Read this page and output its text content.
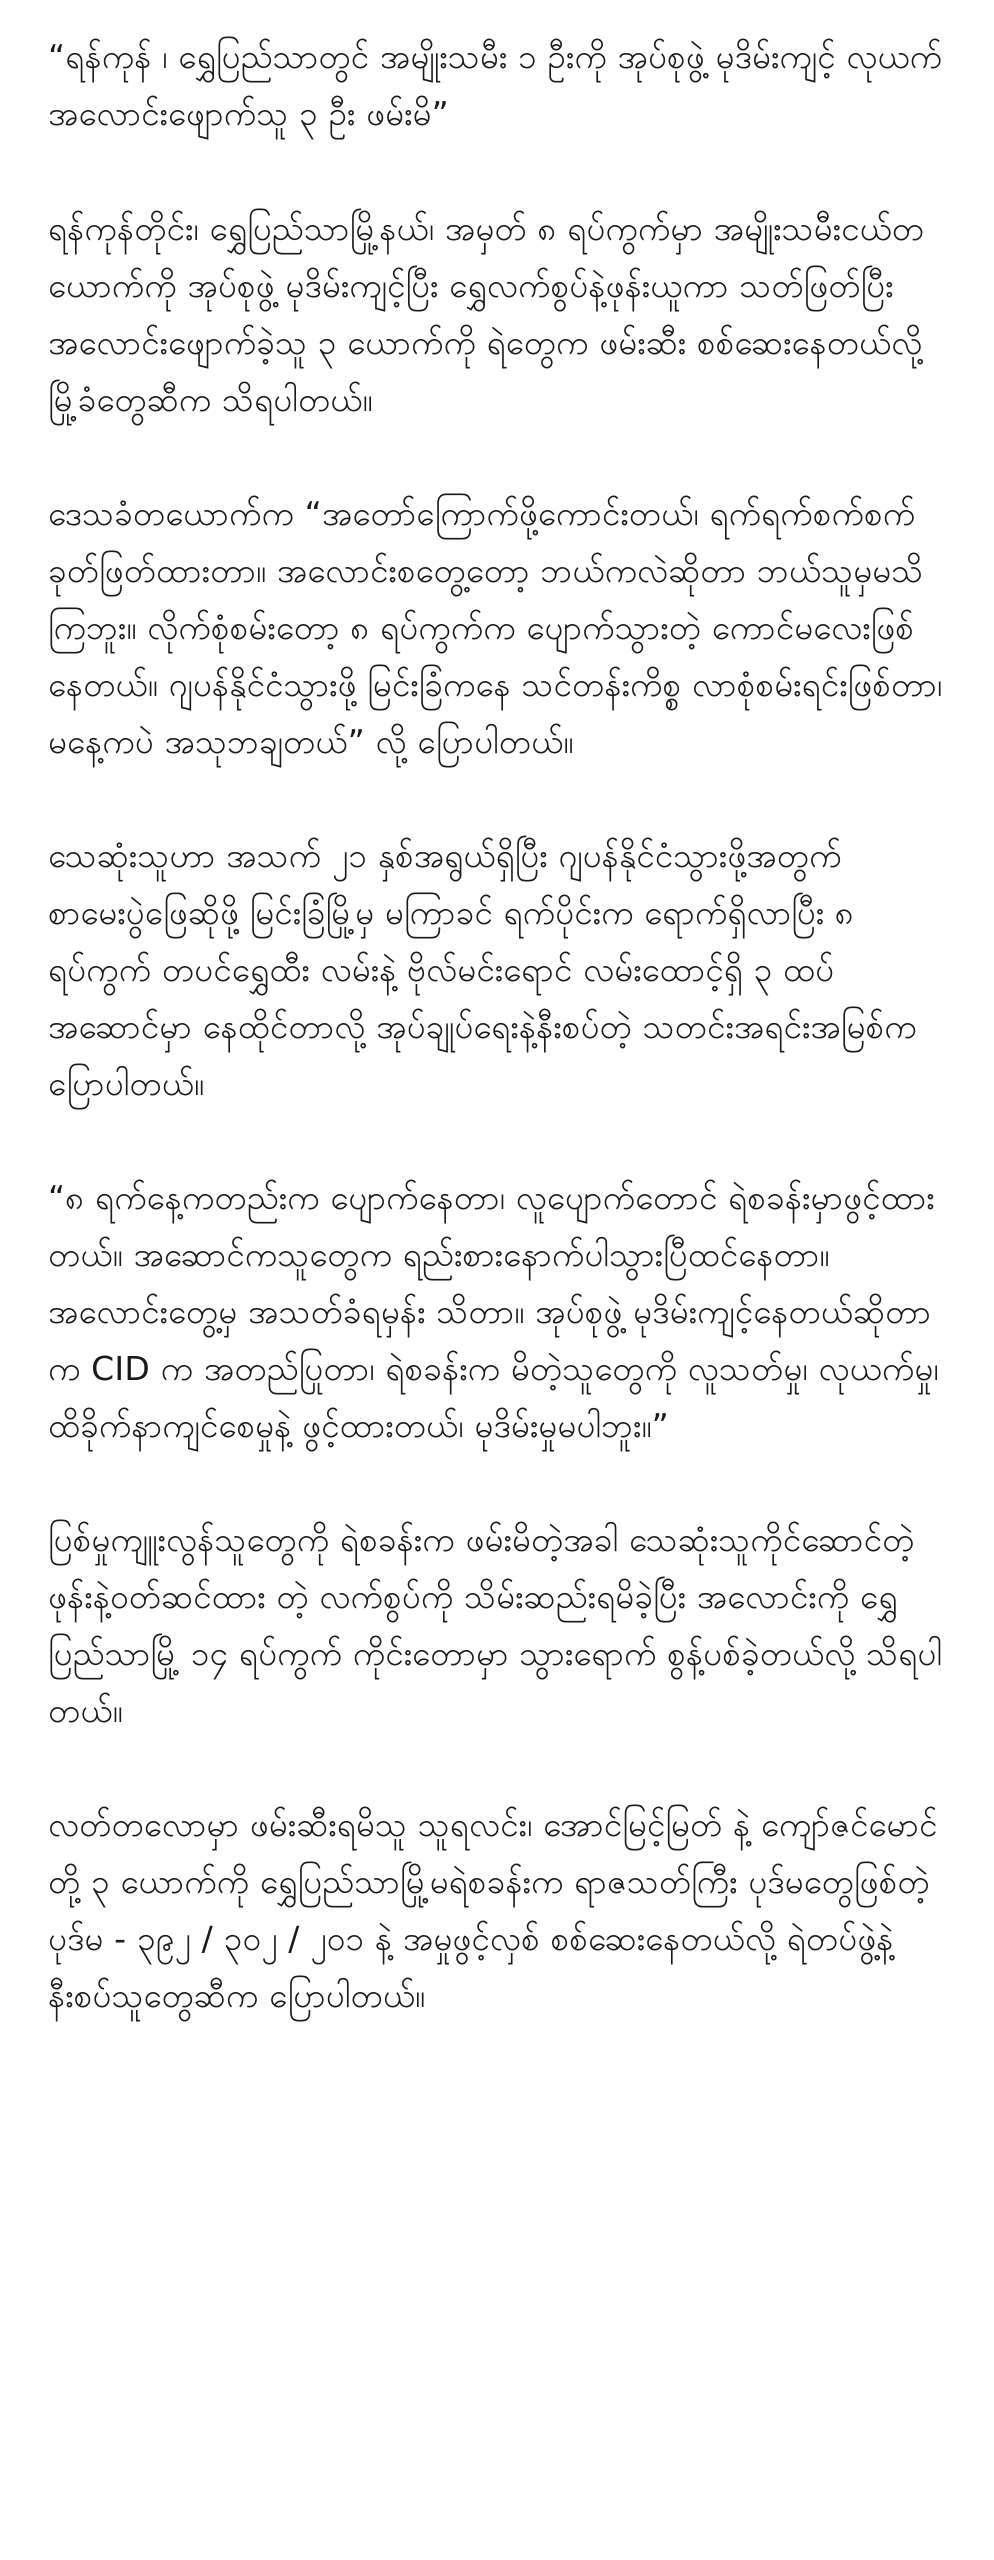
“ရန်ကုန် ၊ ရွှေပြည်သာတွင် အမျိုးသမီး ၁ ဦးကို အုပ်စုဖွဲ့ မုဒိမ်းကျင့် လုယက်အလောင်းဖျောက်သူ ၃ ဦး ဖမ်းမိ”

ရန်ကုန်တိုင်း၊ ရွှေပြည်သာမြို့နယ်၊ အမှတ် ၈ ရပ်ကွက်မှာ အမျိုးသမီးငယ်တယောက်ကို အုပ်စုဖွဲ့ မုဒိမ်းကျင့်ပြီး ရွှေလက်စွပ်နဲ့ဖုန်းယူကာ သတ်ဖြတ်ပြီး အလောင်းဖျောက်ခဲ့သူ ၃ ယောက်ကို ရဲတွေက ဖမ်းဆီး စစ်ဆေးနေတယ်လို့ မြို့ခံတွေဆီက သိရပါတယ်။

ဒေသခံတယောက်က “အတော်ကြောက်ဖို့ကောင်းတယ်၊ ရက်ရက်စက်စက် ခုတ်ဖြတ်ထားတာ။ အလောင်းစတွေ့တော့ ဘယ်ကလဲဆိုတာ ဘယ်သူမှမသိကြဘူး။ လိုက်စုံစမ်းတော့ ၈ ရပ်ကွက်က ပျောက်သွားတဲ့ ကောင်မလေးဖြစ်နေတယ်။ ဂျပန်နိုင်ငံသွားဖို့ မြင်းခြံကနေ သင်တန်းကိစ္စ လာစုံစမ်းရင်းဖြစ်တာ၊ မနေ့ကပဲ အသုဘချတယ်” လို့ ပြောပါတယ်။

သေဆုံးသူဟာ အသက် ၂၁ နှစ်အရွယ်ရှိပြီး ဂျပန်နိုင်ငံသွားဖို့အတွက် စာမေးပွဲဖြေဆိုဖို့ မြင်းခြံမြို့မှ မကြာခင် ရက်ပိုင်းက ရောက်ရှိလာပြီး ၈ ရပ်ကွက် တပင်ရွှေထီး လမ်းနဲ့ ဗိုလ်မင်းရောင် လမ်းထောင့်ရှိ ၃ ထပ်အဆောင်မှာ နေထိုင်တာလို့ အုပ်ချုပ်ရေးနဲ့နီးစပ်တဲ့ သတင်းအရင်းအမြစ်က ပြောပါတယ်။

“၈ ရက်နေ့ကတည်းက ပျောက်နေတာ၊ လူပျောက်တောင် ရဲစခန်းမှာဖွင့်ထားတယ်။ အဆောင်ကသူတွေက ရည်းစားနောက်ပါသွားပြီထင်နေတာ။ အလောင်းတွေ့မှ အသတ်ခံရမှန်း သိတာ။ အုပ်စုဖွဲ့ မုဒိမ်းကျင့်နေတယ်ဆိုတာက CID က အတည်ပြုတာ၊ ရဲစခန်းက မိတဲ့သူတွေကို လူသတ်မှု၊ လုယက်မှု၊ ထိခိုက်နာကျင်စေမှုနဲ့ ဖွင့်ထားတယ်၊ မုဒိမ်းမှုမပါဘူး။”

ပြစ်မှုကျူးလွန်သူတွေကို ရဲစခန်းက ဖမ်းမိတဲ့အခါ သေဆုံးသူကိုင်ဆောင်တဲ့ ဖုန်းနဲ့ဝတ်ဆင်ထား တဲ့ လက်စွပ်ကို သိမ်းဆည်းရမိခဲ့ပြီး အလောင်းကို ရွှေပြည်သာမြို့ ၁၄ ရပ်ကွက် ကိုင်းတောမှာ သွားရောက် စွန့်ပစ်ခဲ့တယ်လို့ သိရပါတယ်။

လတ်တလောမှာ ဖမ်းဆီးရမိသူ သူရလင်း၊ အောင်မြင့်မြတ် နဲ့ ကျော်ဇင်မောင်တို့ ၃ ယောက်ကို ရွှေပြည်သာမြို့မရဲစခန်းက ရာဇသတ်ကြီး ပုဒ်မတွေဖြစ်တဲ့ ပုဒ်မ - ၃၉၂ / ၃၀၂ / ၂၀၁ နဲ့ အမှုဖွင့်လှစ် စစ်ဆေးနေတယ်လို့ ရဲတပ်ဖွဲ့နဲ့ နီးစပ်သူတွေဆီက ပြောပါတယ်။
